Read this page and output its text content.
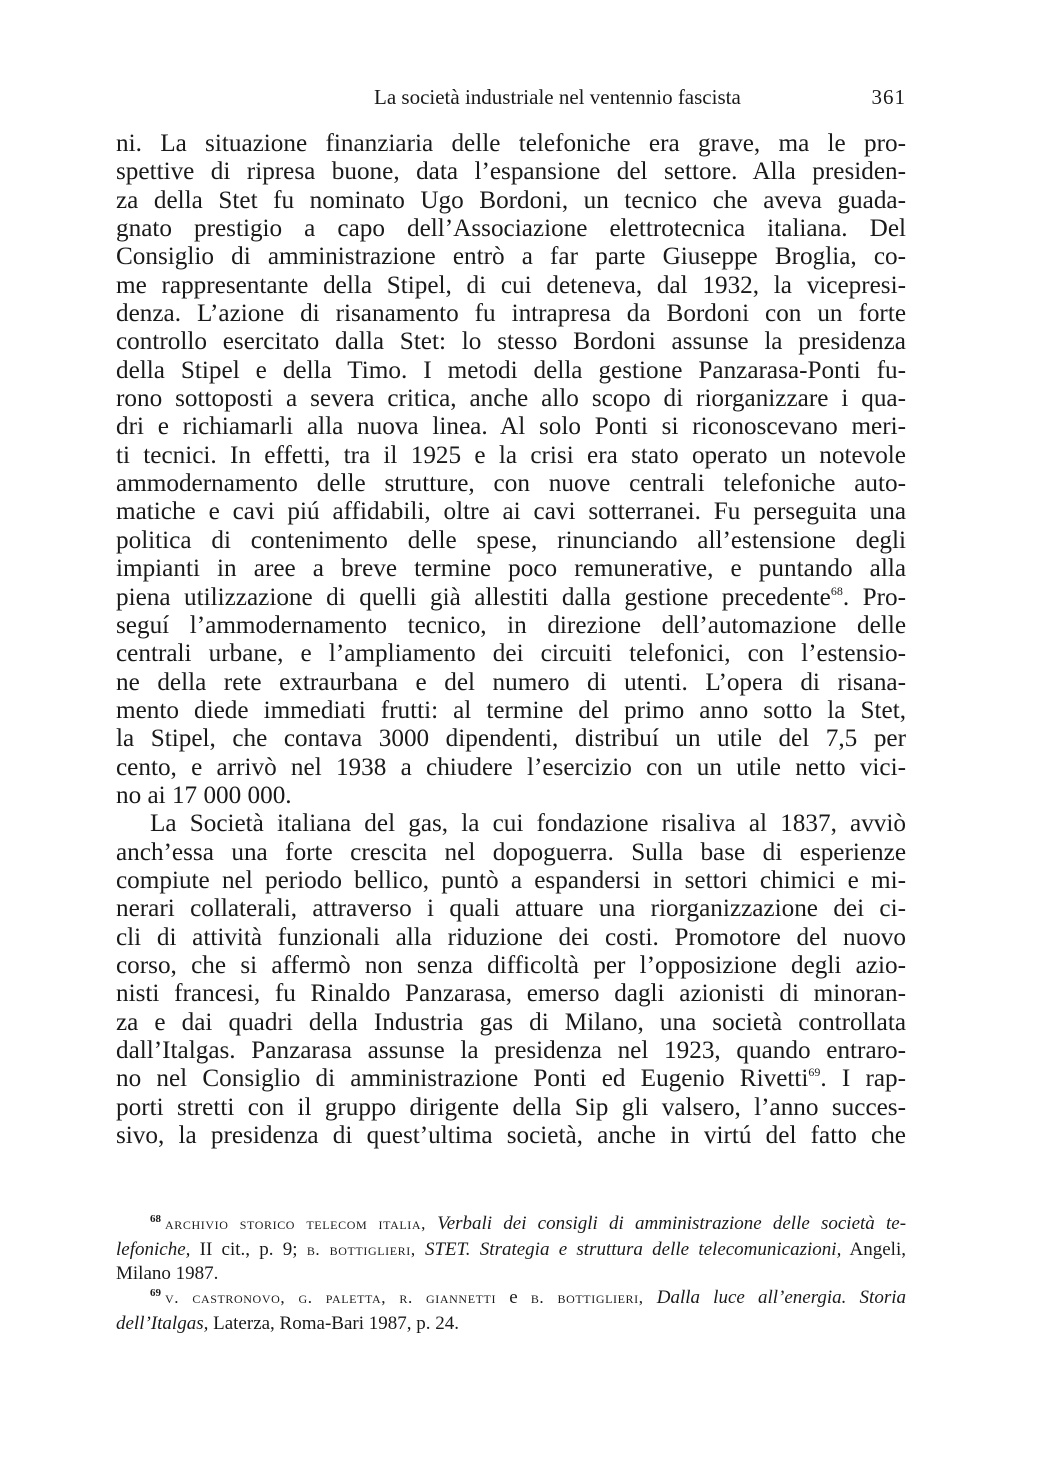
La società industriale nel ventennio fascista	361
ni. La situazione finanziaria delle telefoniche era grave, ma le pro-
spettive di ripresa buone, data l’espansione del settore. Alla presiden-
za della Stet fu nominato Ugo Bordoni, un tecnico che aveva guada-
gnato prestigio a capo dell’Associazione elettrotecnica italiana. Del
Consiglio di amministrazione entrò a far parte Giuseppe Broglia, co-
me rappresentante della Stipel, di cui deteneva, dal 1932, la vicepresi-
denza. L’azione di risanamento fu intrapresa da Bordoni con un forte
controllo esercitato dalla Stet: lo stesso Bordoni assunse la presidenza
della Stipel e della Timo. I metodi della gestione Panzarasa-Ponti fu-
rono sottoposti a severa critica, anche allo scopo di riorganizzare i qua-
dri e richiamarli alla nuova linea. Al solo Ponti si riconoscevano meri-
ti tecnici. In effetti, tra il 1925 e la crisi era stato operato un notevole
ammodernamento delle strutture, con nuove centrali telefoniche auto-
matiche e cavi piú affidabili, oltre ai cavi sotterranei. Fu perseguita una
politica di contenimento delle spese, rinunciando all’estensione degli
impianti in aree a breve termine poco remunerative, e puntando alla
piena utilizzazione di quelli già allestiti dalla gestione precedente$^{68}$. Pro-
seguí l’ammodernamento tecnico, in direzione dell’automazione delle
centrali urbane, e l’ampliamento dei circuiti telefonici, con l’estensio-
ne della rete extraurbana e del numero di utenti. L’opera di risana-
mento diede immediati frutti: al termine del primo anno sotto la Stet,
la Stipel, che contava 3000 dipendenti, distribuí un utile del 7,5 per
cento, e arrivò nel 1938 a chiudere l’esercizio con un utile netto vici-
no ai 17 000 000.
La Società italiana del gas, la cui fondazione risaliva al 1837, avviò
anch’essa una forte crescita nel dopoguerra. Sulla base di esperienze
compiute nel periodo bellico, puntò a espandersi in settori chimici e mi-
nerari collaterali, attraverso i quali attuare una riorganizzazione dei ci-
cli di attività funzionali alla riduzione dei costi. Promotore del nuovo
corso, che si affermò non senza difficoltà per l’opposizione degli azio-
nisti francesi, fu Rinaldo Panzarasa, emerso dagli azionisti di minoran-
za e dai quadri della Industria gas di Milano, una società controllata
dall’Italgas. Panzarasa assunse la presidenza nel 1923, quando entraro-
no nel Consiglio di amministrazione Ponti ed Eugenio Rivetti$^{69}$. I rap-
porti stretti con il gruppo dirigente della Sip gli valsero, l’anno succes-
sivo, la presidenza di quest’ultima società, anche in virtú del fatto che
$^{68}$ archivio storico telecom italia, Verbali dei consigli di amministrazione delle società te-
lefoniche, II cit., p. 9; b. bottiglieri, STET. Strategia e struttura delle telecomunicazioni, Angeli,
Milano 1987.
$^{69}$ v. castronovo, g. paletta, r. giannetti e b. bottiglieri, Dalla luce all’energia. Storia
dell’Italgas, Laterza, Roma-Bari 1987, p. 24.
